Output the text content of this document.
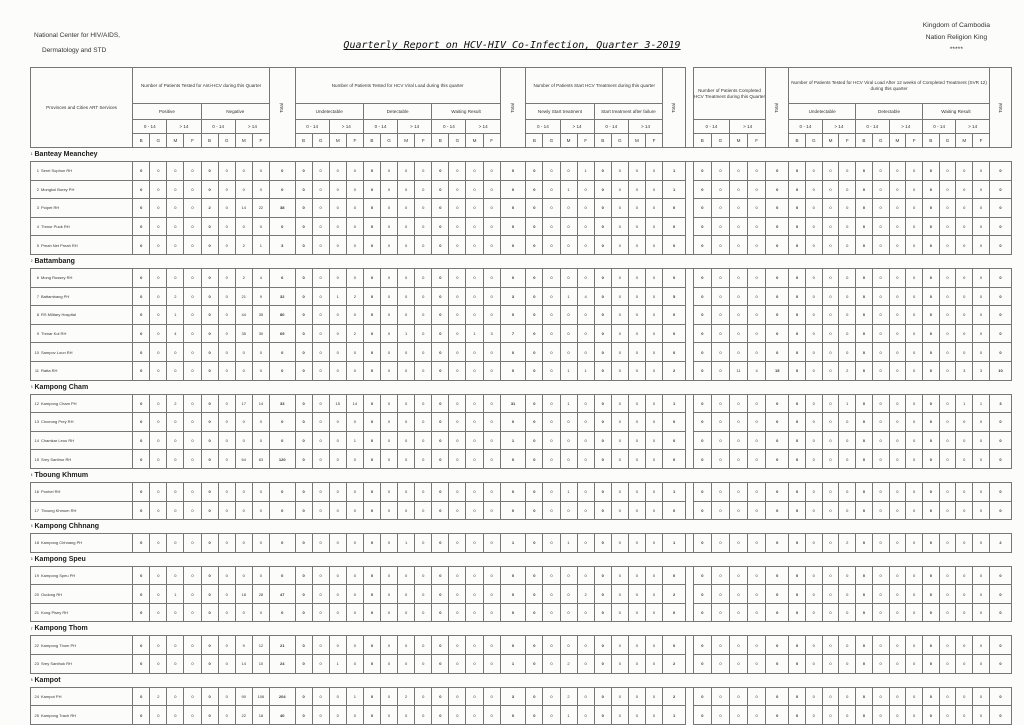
National Center for HIV/AIDS,
Dermatology and STD
Kingdom of Cambodia
Nation Religion King
*****
Quarterly Report on HCV-HIV Co-Infection, Quarter 3-2019
Provinces and Cities ART Services	Number of Patients Tested for Anti-HCV during this Quarter								Total	Number of Patients Tested for HCV Viral Load during this quarter												Total	Number of Patients Start HCV Treatment during this quarter								Total		Number of Patients Completed HCV Treatment during this Quarter				Total	Number of Patients Tested for HCV Viral Load After 12 weeks of Completed Treatment (SVR 12) during this quarter												Total
	Positive				Negative					Undetectable				Detectable				Waiting Result					Newly Start treatment				Start treatment after failure											Undetectable				Detectable				Waiting Result				
	0 - 14		> 14		0 - 14		> 14			0 - 14		> 14		0 - 14		> 14		0 - 14		> 14			0 - 14		> 14		0 - 14		> 14				0 - 14		> 14			0 - 14		> 14		0 - 14		> 14		0 - 14		> 14		
	B	G	M	F	B	G	M	F		B	G	M	F	B	G	M	F	B	G	M	F		B	G	M	F	B	G	M	F			B	G	M	F		B	G	M	F	B	G	M	F	B	G	M	F	
1 Banteay Meanchey																																																		
1 Serei Sophon RH	0	0	0	0	0	0	0	0	0	0	0	0	0	0	0	0	0	0	0	0	0	0	0	0	0	1	0	0	0	0	1		0	0	0	0	0	0	0	0	0	0	0	0	0	0	0	0	0	0
2 Mongkol Borey PH	0	0	0	0	0	0	0	0	0	0	0	0	0	0	0	0	0	0	0	0	0	0	0	0	1	0	0	0	0	0	1		0	0	0	0	0	0	0	0	0	0	0	0	0	0	0	0	0	0
3 Poipet RH	0	0	0	0	2	0	14	22	38	0	0	0	0	0	0	0	0	0	0	0	0	0	0	0	0	0	0	0	0	0	0		0	0	0	0	0	0	0	0	0	0	0	0	0	0	0	0	0	0
4 Thmor Puok RH	0	0	0	0	0	0	0	0	0	0	0	0	0	0	0	0	0	0	0	0	0	0	0	0	0	0	0	0	0	0	0		0	0	0	0	0	0	0	0	0	0	0	0	0	0	0	0	0	0
5 Preah Net Preah RH	0	0	0	0	0	0	2	1	3	0	0	0	0	0	0	0	0	0	0	0	0	0	0	0	0	0	0	0	0	0	0		0	0	0	0	0	0	0	0	0	0	0	0	0	0	0	0	0	0
2 Battambang																																																		
6 Mong Russey RH	0	0	0	0	0	0	2	4	6	0	0	0	0	0	0	0	0	0	0	0	0	0	0	0	0	0	0	0	0	0	0		0	0	0	0	0	0	0	0	0	0	0	0	0	0	0	0	0	0
7 Battambang PH	0	0	2	0	0	0	21	9	32	0	0	1	2	0	0	0	0	0	0	0	0	3	0	0	1	4	0	0	0	0	5		0	0	0	0	0	0	0	0	0	0	0	0	0	0	0	0	0	0
8 RS Military Hospital	0	0	1	0	0	0	44	35	80	0	0	0	0	0	0	0	0	0	0	0	0	0	0	0	0	0	0	0	0	0	0		0	0	0	0	0	0	0	0	0	0	0	0	0	0	0	0	0	0
9 Thmar Kol RH	0	0	4	0	0	0	35	30	69	0	0	0	2	0	0	1	0	0	0	1	3	7	0	0	0	0	0	0	0	0	0		0	0	0	0	0	0	0	0	0	0	0	0	0	0	0	0	0	0
10 Sampov Loun RH	0	0	0	0	0	0	0	0	0	0	0	0	0	0	0	0	0	0	0	0	0	0	0	0	0	0	0	0	0	0	0		0	0	0	0	0	0	0	0	0	0	0	0	0	0	0	0	0	0
11 Ratta RH	0	0	0	0	0	0	0	0	0	0	0	0	0	0	0	0	0	0	0	0	0	0	0	0	1	1	0	0	0	0	2		0	0	11	4	15	0	0	0	2	0	0	0	0	0	0	3	3	10
3 Kampong Cham																																																		
12 Kampong Cham PH	0	0	2	0	0	0	17	14	33	0	0	15	14	0	0	0	0	0	0	0	0	31	0	0	1	0	0	0	0	0	1		0	0	0	0	0	0	0	0	1	0	0	0	0	0	0	1	1	3
13 Choeung Prey RH	0	0	0	0	0	0	0	0	0	0	0	0	0	0	0	0	0	0	0	0	0	0	0	0	0	0	0	0	0	0	0		0	0	0	0	0	0	0	0	0	0	0	0	0	0	0	0	0	0
14 Chamkar Leou RH	0	0	0	0	0	0	0	0	0	0	0	0	1	0	0	0	0	0	0	0	0	1	0	0	0	0	0	0	0	0	0		0	0	0	0	0	0	0	0	0	0	0	0	0	0	0	0	0	0
15 Srey Santhor RH	0	0	0	0	0	0	64	63	120	0	0	0	0	0	0	0	0	0	0	0	0	0	0	0	0	0	0	0	0	0	0		0	0	0	0	0	0	0	0	0	0	0	0	0	0	0	0	0	0
4 Tboung Khmum																																																		
16 Ponhel RH	0	0	0	0	0	0	0	0	0	0	0	0	0	0	0	0	0	0	0	0	0	0	0	0	1	0	0	0	0	0	1		0	0	0	0	0	0	0	0	0	0	0	0	0	0	0	0	0	0
17 Tboung Khmum RH	0	0	0	0	0	0	0	0	0	0	0	0	0	0	0	0	0	0	0	0	0	0	0	0	0	0	0	0	0	0	0		0	0	0	0	0	0	0	0	0	0	0	0	0	0	0	0	0	0
5 Kampong Chhnang																																																		
18 Kampong Chhnang PH	0	0	0	0	0	0	0	0	0	0	0	0	0	0	0	1	0	0	0	0	0	1	0	0	1	0	0	0	0	0	1		0	0	0	0	0	0	0	0	2	0	0	0	0	0	0	0	0	2
6 Kampong Speu																																																		
19 Kampong Speu PH	0	0	0	0	0	0	0	0	0	0	0	0	0	0	0	0	0	0	0	0	0	0	0	0	0	0	0	0	0	0	0		0	0	0	0	0	0	0	0	0	0	0	0	0	0	0	0	0	0
20 Oudong RH	0	0	1	0	0	0	18	28	47	0	0	0	0	0	0	0	0	0	0	0	0	0	0	0	0	2	0	0	0	0	2		0	0	0	0	0	0	0	0	0	0	0	0	0	0	0	0	0	0
21 Kong Pisey RH	0	0	0	0	0	0	0	0	0	0	0	0	0	0	0	0	0	0	0	0	0	0	0	0	0	0	0	0	0	0	0		0	0	0	0	0	0	0	0	0	0	0	0	0	0	0	0	0	0
7 Kampong Thom																																																		
22 Kampong Thom PH	0	0	0	0	0	0	9	12	21	0	0	0	0	0	0	0	0	0	0	0	0	0	0	0	0	0	0	0	0	0	0		0	0	0	0	0	0	0	0	0	0	0	0	0	0	0	0	0	0
23 Srey Santhuk RH	0	0	0	0	0	0	14	10	24	0	0	1	0	0	0	0	0	0	0	0	0	1	0	0	2	0	0	0	0	0	2		0	0	0	0	0	0	0	0	0	0	0	0	0	0	0	0	0	0
8 Kampot																																																		
24 Kampot PH	0	2	0	0	0	0	90	106	204	0	0	0	1	0	0	2	0	0	0	0	0	3	0	0	2	0	0	0	0	0	2		0	0	0	0	0	0	0	0	0	0	0	0	0	0	0	0	0	0
25 Kampong Trach RH	0	0	0	0	0	0	22	18	40	0	0	0	0	0	0	0	0	0	0	0	0	0	0	0	1	0	0	0	0	0	1		0	0	0	0	0	0	0	0	0	0	0	0	0	0	0	0	0	0
